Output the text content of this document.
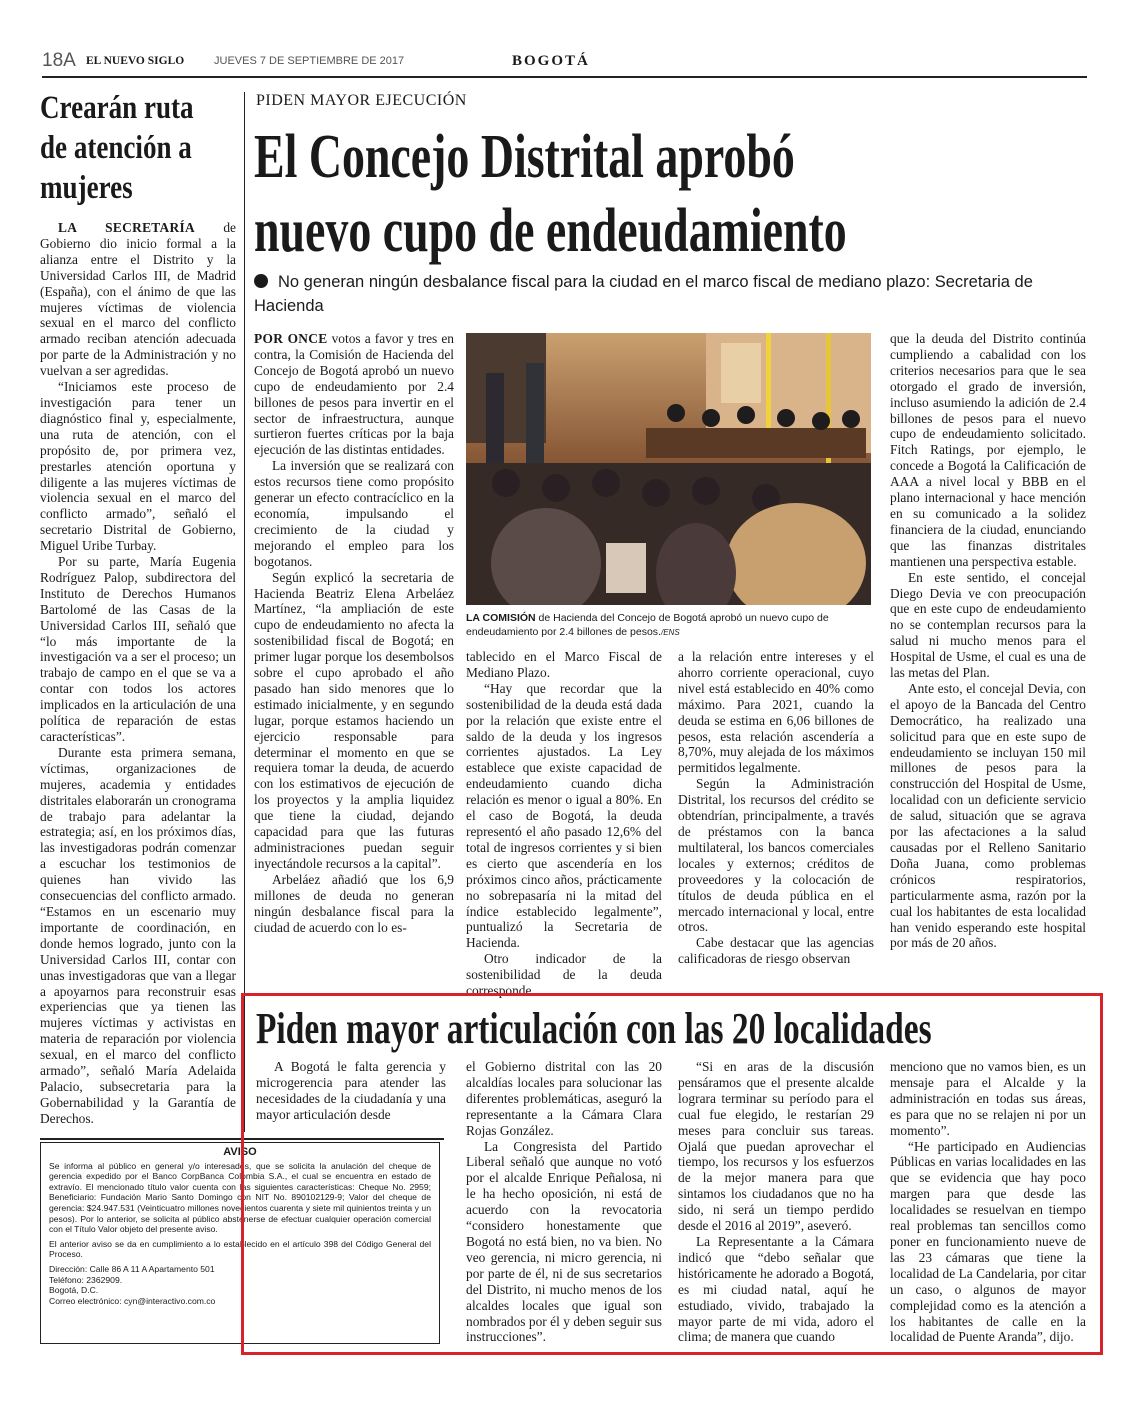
18A EL NUEVO SIGLO	JUEVES 7 DE SEPTIEMBRE DE 2017	BOGOTÁ
Crearán ruta
de atención a
mujeres

LA SECRETARÍA de Gobierno dio inicio formal a la alianza entre el Distrito y la Universidad Carlos III, de Madrid (España), con el ánimo de que las mujeres víctimas de violencia sexual en el marco del conflicto armado reciban atención adecuada por parte de la Administración y no vuelvan a ser agredidas.

“Iniciamos este proceso de investigación para tener un diagnóstico final y, especialmente, una ruta de atención, con el propósito de, por primera vez, prestarles atención oportuna y diligente a las mujeres víctimas de violencia sexual en el marco del conflicto armado”, señaló el secretario Distrital de Gobierno, Miguel Uribe Turbay.

Por su parte, María Eugenia Rodríguez Palop, subdirectora del Instituto de Derechos Humanos Bartolomé de las Casas de la Universidad Carlos III, señaló que “lo más importante de la investigación va a ser el proceso; un trabajo de campo en el que se va a contar con todos los actores implicados en la articulación de una política de reparación de estas características”.

Durante esta primera semana, víctimas, organizaciones de mujeres, academia y entidades distritales elaborarán un cronograma de trabajo para adelantar la estrategia; así, en los próximos días, las investigadoras podrán comenzar a escuchar los testimonios de quienes han vivido las consecuencias del conflicto armado. “Estamos en un escenario muy importante de coordinación, en donde hemos logrado, junto con la Universidad Carlos III, contar con unas investigadoras que van a llegar a apoyarnos para reconstruir esas experiencias que ya tienen las mujeres víctimas y activistas en materia de reparación por violencia sexual, en el marco del conflicto armado”, señaló María Adelaida Palacio, subsecretaria para la Gobernabilidad y la Garantía de Derechos.

AVISO
Se informa al público en general y/o interesados, que se solicita la anulación del cheque de gerencia expedido por el Banco CorpBanca Colombia S.A., el cual se encuentra en estado de extravío. El mencionado título valor cuenta con las siguientes características: Cheque No. 2959; Beneficiario: Fundación Mario Santo Domingo con NIT No. 890102129-9; Valor del cheque de gerencia: $24.947.531 (Veinticuatro millones novecientos cuarenta y siete mil quinientos treinta y un pesos). Por lo anterior, se solicita al público abstenerse de efectuar cualquier operación comercial con el Título Valor objeto del presente aviso.
El anterior aviso se da en cumplimiento a lo establecido en el artículo 398 del Código General del Proceso.
Dirección: Calle 86 A 11 A Apartamento 501
Teléfono: 2362909.
Bogotá, D.C.
Correo electrónico: cyn@interactivo.com.co
PIDEN MAYOR EJECUCIÓN
El Concejo Distrital aprobó
nuevo cupo de endeudamiento
No generan ningún desbalance fiscal para la ciudad en el marco fiscal de mediano plazo: Secretaria de Hacienda

POR ONCE votos a favor y tres en contra, la Comisión de Hacienda del Concejo de Bogotá aprobó un nuevo cupo de endeudamiento por 2.4 billones de pesos para invertir en el sector de infraestructura, aunque surtieron fuertes críticas por la baja ejecución de las distintas entidades.

La inversión que se realizará con estos recursos tiene como propósito generar un efecto contracíclico en la economía, impulsando el crecimiento de la ciudad y mejorando el empleo para los bogotanos.

Según explicó la secretaria de Hacienda Beatriz Elena Arbeláez Martínez, “la ampliación de este cupo de endeudamiento no afecta la sostenibilidad fiscal de Bogotá; en primer lugar porque los desembolsos sobre el cupo aprobado el año pasado han sido menores que lo estimado inicialmente, y en segundo lugar, porque estamos haciendo un ejercicio responsable para determinar el momento en que se requiera tomar la deuda, de acuerdo con los estimativos de ejecución de los proyectos y la amplia liquidez que tiene la ciudad, dejando capacidad para que las futuras administraciones puedan seguir inyectándole recursos a la capital”.

Arbeláez añadió que los 6,9 millones de deuda no generan ningún desbalance fiscal para la ciudad de acuerdo con lo es-

LA COMISIÓN de Hacienda del Concejo de Bogotá aprobó un nuevo cupo de endeudamiento por 2.4 billones de pesos./ENS

tablecido en el Marco Fiscal de Mediano Plazo.

“Hay que recordar que la sostenibilidad de la deuda está dada por la relación que existe entre el saldo de la deuda y los ingresos corrientes ajustados. La Ley establece que existe capacidad de endeudamiento cuando dicha relación es menor o igual a 80%. En el caso de Bogotá, la deuda representó el año pasado 12,6% del total de ingresos corrientes y si bien es cierto que ascendería en los próximos cinco años, prácticamente no sobrepasaría ni la mitad del índice establecido legalmente”, puntualizó la Secretaria de Hacienda.

Otro indicador de la sostenibilidad de la deuda corresponde

a la relación entre intereses y el ahorro corriente operacional, cuyo nivel está establecido en 40% como máximo. Para 2021, cuando la deuda se estima en 6,06 billones de pesos, esta relación ascendería a 8,70%, muy alejada de los máximos permitidos legalmente.

Según la Administración Distrital, los recursos del crédito se obtendrían, principalmente, a través de préstamos con la banca multilateral, los bancos comerciales locales y externos; créditos de proveedores y la colocación de títulos de deuda pública en el mercado internacional y local, entre otros.

Cabe destacar que las agencias calificadoras de riesgo observan

que la deuda del Distrito continúa cumpliendo a cabalidad con los criterios necesarios para que le sea otorgado el grado de inversión, incluso asumiendo la adición de 2.4 billones de pesos para el nuevo cupo de endeudamiento solicitado. Fitch Ratings, por ejemplo, le concede a Bogotá la Calificación de AAA a nivel local y BBB en el plano internacional y hace mención en su comunicado a la solidez financiera de la ciudad, enunciando que las finanzas distritales mantienen una perspectiva estable.

En este sentido, el concejal Diego Devia ve con preocupación que en este cupo de endeudamiento no se contemplan recursos para la salud ni mucho menos para el Hospital de Usme, el cual es una de las metas del Plan.

Ante esto, el concejal Devia, con el apoyo de la Bancada del Centro Democrático, ha realizado una solicitud para que en este supo de endeudamiento se incluyan 150 mil millones de pesos para la construcción del Hospital de Usme, localidad con un deficiente servicio de salud, situación que se agrava por las afectaciones a la salud causadas por el Relleno Sanitario Doña Juana, como problemas crónicos respiratorios, particularmente asma, razón por la cual los habitantes de esta localidad han venido esperando este hospital por más de 20 años.

Piden mayor articulación con las 20 localidades

A Bogotá le falta gerencia y microgerencia para atender las necesidades de la ciudadanía y una mayor articulación desde

el Gobierno distrital con las 20 alcaldías locales para solucionar las diferentes problemáticas, aseguró la representante a la Cámara Clara Rojas González.

La Congresista del Partido Liberal señaló que aunque no votó por el alcalde Enrique Peñalosa, ni le ha hecho oposición, ni está de acuerdo con la revocatoria “considero honestamente que Bogotá no está bien, no va bien. No veo gerencia, ni micro gerencia, ni por parte de él, ni de sus secretarios del Distrito, ni mucho menos de los alcaldes locales que igual son nombrados por él y deben seguir sus instrucciones”.

“Si en aras de la discusión pensáramos que el presente alcalde lograra terminar su período para el cual fue elegido, le restarían 29 meses para concluir sus tareas. Ojalá que puedan aprovechar el tiempo, los recursos y los esfuerzos de la mejor manera para que sintamos los ciudadanos que no ha sido, ni será un tiempo perdido desde el 2016 al 2019”, aseveró.

La Representante a la Cámara indicó que “debo señalar que históricamente he adorado a Bogotá, es mi ciudad natal, aquí he estudiado, vivido, trabajado la mayor parte de mi vida, adoro el clima; de manera que cuando

menciono que no vamos bien, es un mensaje para el Alcalde y la administración en todas sus áreas, es para que no se relajen ni por un momento”.

“He participado en Audiencias Públicas en varias localidades en las que se evidencia que hay poco margen para que desde las localidades se resuelvan en tiempo real problemas tan sencillos como poner en funcionamiento nueve de las 23 cámaras que tiene la localidad de La Candelaria, por citar un caso, o algunos de mayor complejidad como es la atención a los habitantes de calle en la localidad de Puente Aranda”, dijo.
